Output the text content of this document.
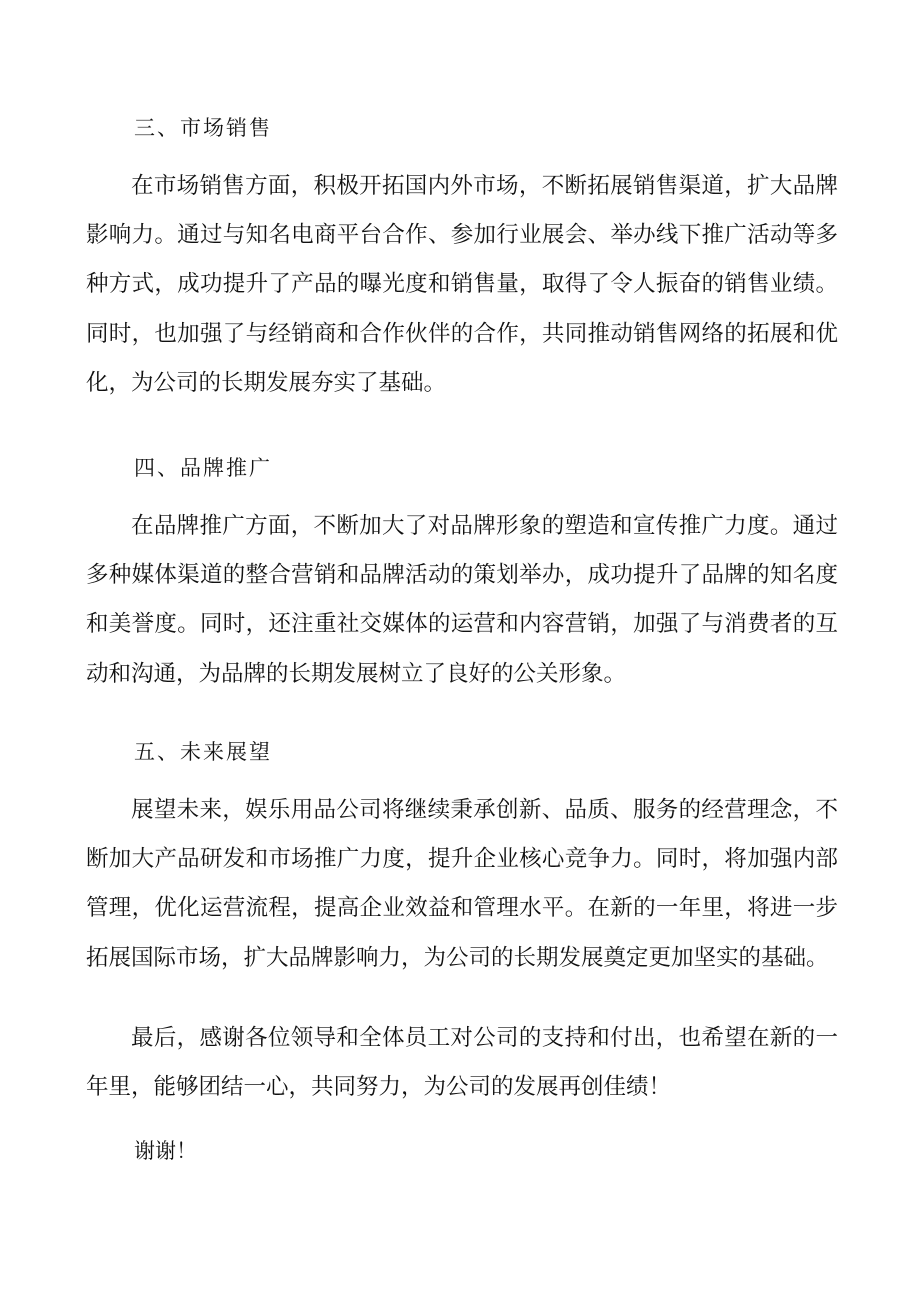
三、市场销售

在市场销售方面，积极开拓国内外市场，不断拓展销售渠道，扩大品牌影响力。通过与知名电商平台合作、参加行业展会、举办线下推广活动等多种方式，成功提升了产品的曝光度和销售量，取得了令人振奋的销售业绩。同时，也加强了与经销商和合作伙伴的合作，共同推动销售网络的拓展和优化，为公司的长期发展夯实了基础。

四、品牌推广

在品牌推广方面，不断加大了对品牌形象的塑造和宣传推广力度。通过多种媒体渠道的整合营销和品牌活动的策划举办，成功提升了品牌的知名度和美誉度。同时，还注重社交媒体的运营和内容营销，加强了与消费者的互动和沟通，为品牌的长期发展树立了良好的公关形象。

五、未来展望

展望未来，娱乐用品公司将继续秉承创新、品质、服务的经营理念，不断加大产品研发和市场推广力度，提升企业核心竞争力。同时，将加强内部管理，优化运营流程，提高企业效益和管理水平。在新的一年里，将进一步拓展国际市场，扩大品牌影响力，为公司的长期发展奠定更加坚实的基础。

最后，感谢各位领导和全体员工对公司的支持和付出，也希望在新的一年里，能够团结一心，共同努力，为公司的发展再创佳绩！

谢谢！
